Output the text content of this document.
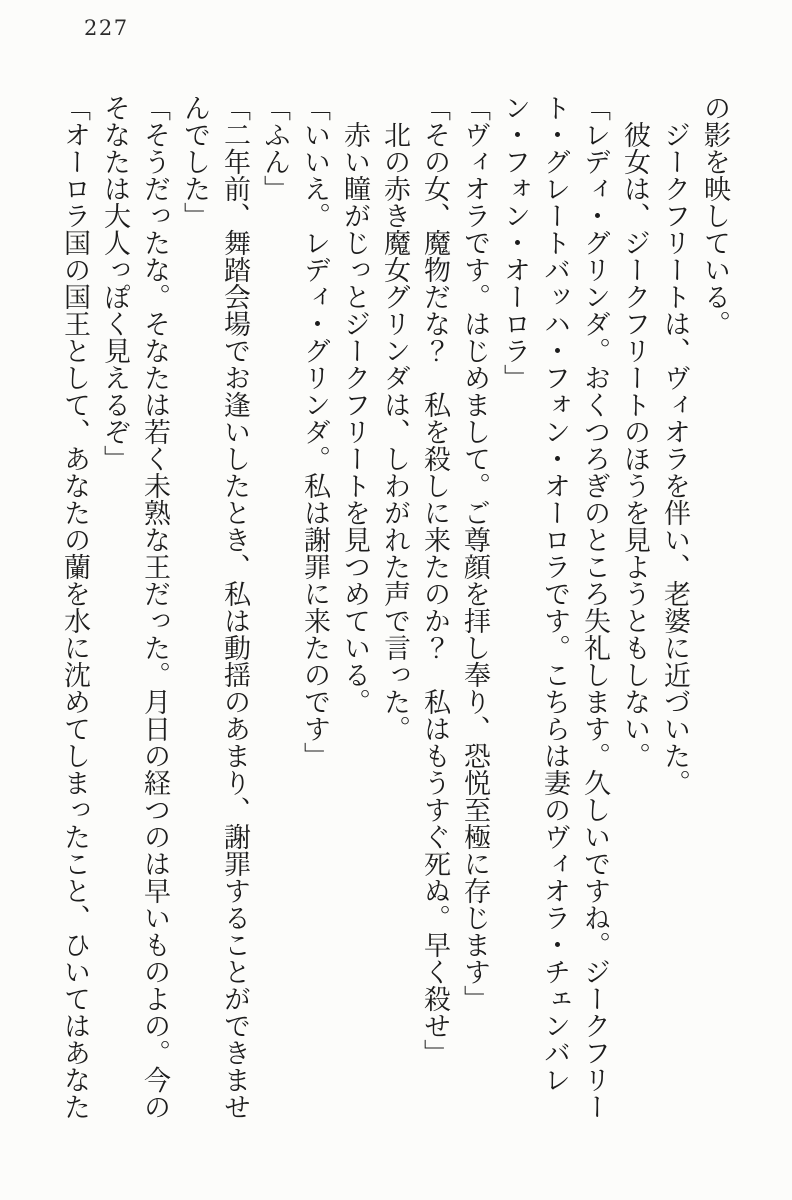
227

の影を映している。

ジークフリートは、ヴィオラを伴い、老婆に近づいた。

彼女は、ジークフリートのほうを見ようともしない。

「レディ・グリンダ。おくつろぎのところ失礼します。久しいですね。ジークフリート・グレートバッハ・フォン・オーロラです。こちらは妻のヴィオラ・チェンバレン・フォン・オーロラ」

「ヴィオラです。はじめまして。ご尊顔を拝し奉り、恐悦至極に存じます」

「その女、魔物だな？　私を殺しに来たのか？　私はもうすぐ死ぬ。早く殺せ」

北の赤き魔女グリンダは、しわがれた声で言った。

赤い瞳がじっとジークフリートを見つめている。

「いいえ。レディ・グリンダ。私は謝罪に来たのです」

「ふん」

「二年前、舞踏会場でお逢いしたとき、私は動揺のあまり、謝罪することができませんでした」

「そうだったな。そなたは若く未熟な王だった。月日の経つのは早いものよの。今のそなたは大人っぽく見えるぞ」

「オーロラ国の国王として、あなたの蘭を水に沈めてしまったこと、ひいてはあなた
